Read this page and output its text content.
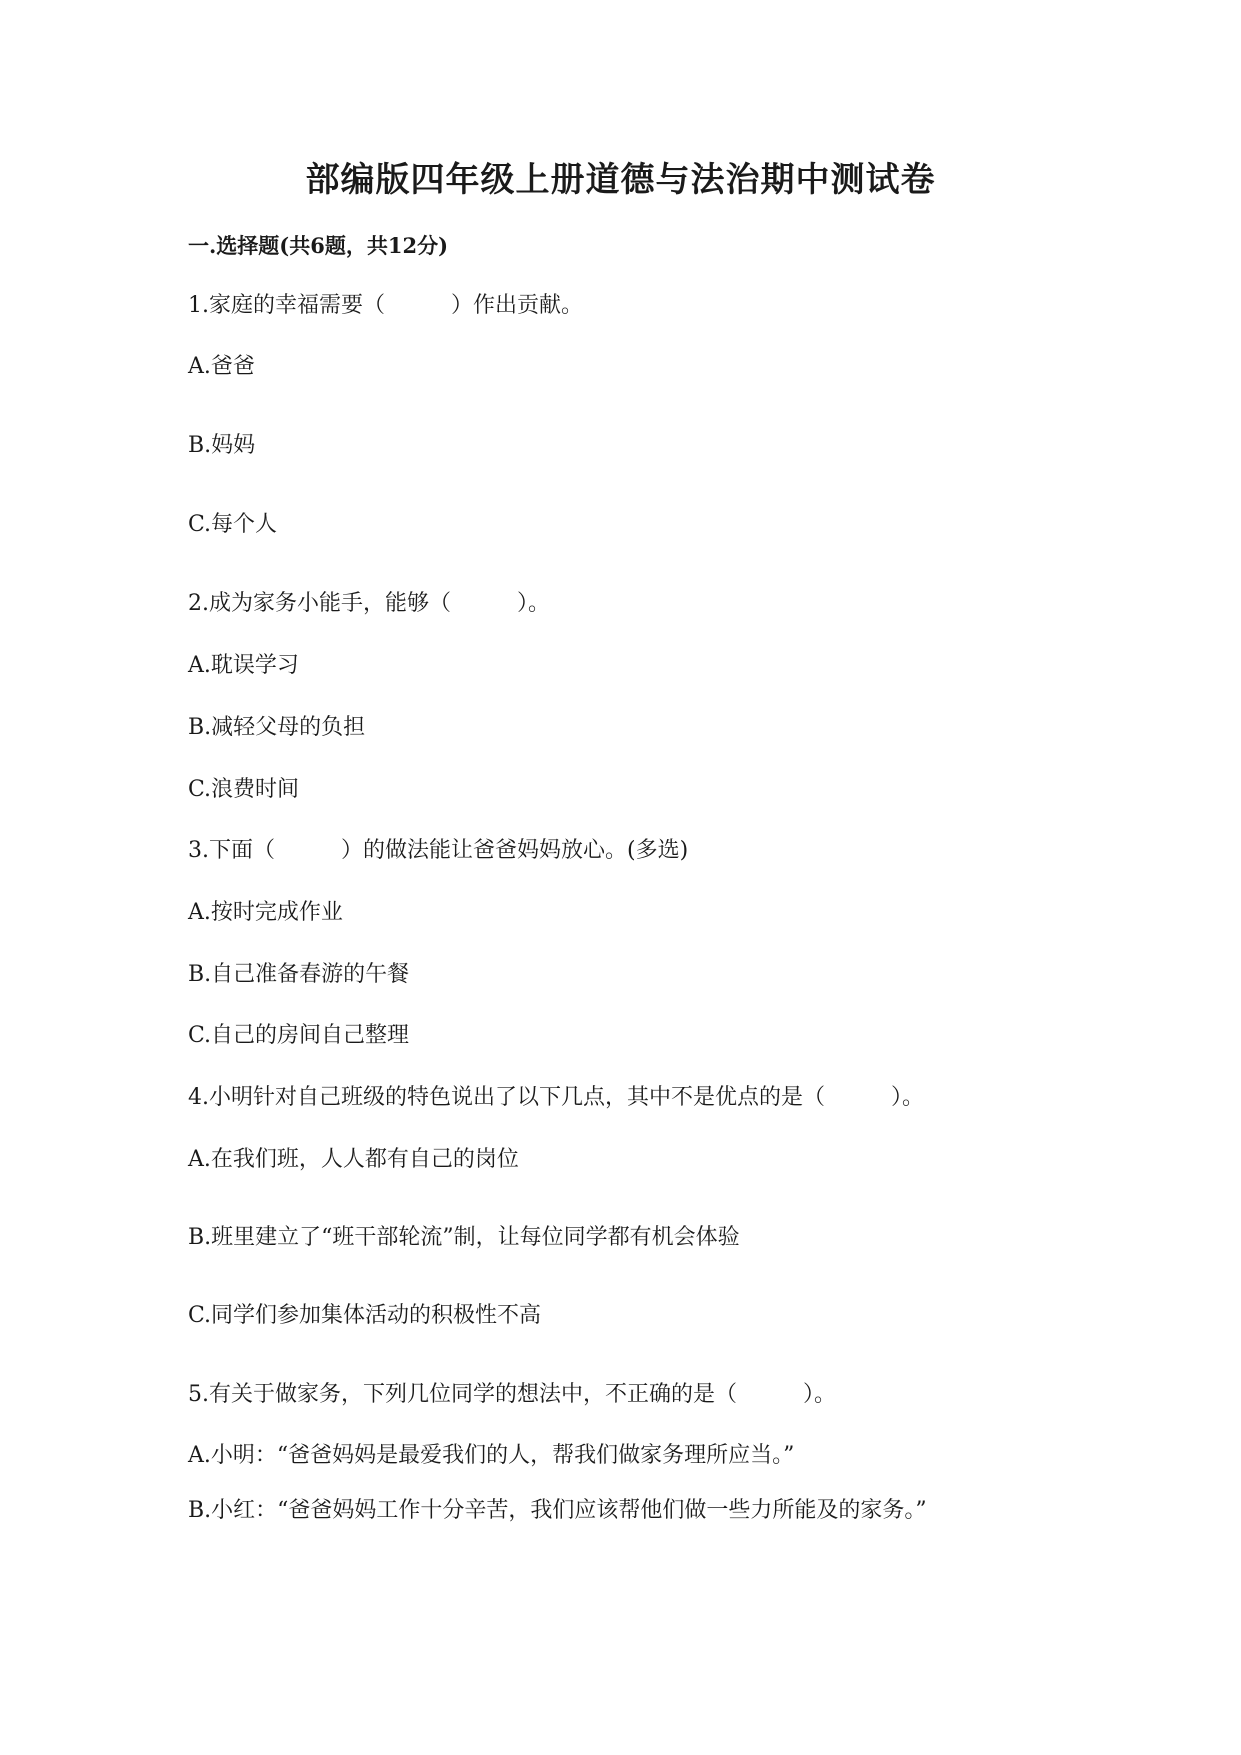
部编版四年级上册道德与法治期中测试卷
一.选择题(共6题，共12分)
1.家庭的幸福需要（　　　）作出贡献。
A.爸爸
B.妈妈
C.每个人
2.成为家务小能手，能够（　　　）。
A.耽误学习
B.减轻父母的负担
C.浪费时间
3.下面（　　　）的做法能让爸爸妈妈放心。(多选)
A.按时完成作业
B.自己准备春游的午餐
C.自己的房间自己整理
4.小明针对自己班级的特色说出了以下几点，其中不是优点的是（　　　）。
A.在我们班，人人都有自己的岗位
B.班里建立了“班干部轮流”制，让每位同学都有机会体验
C.同学们参加集体活动的积极性不高
5.有关于做家务，下列几位同学的想法中，不正确的是（　　　）。
A.小明：“爸爸妈妈是最爱我们的人，帮我们做家务理所应当。”
B.小红：“爸爸妈妈工作十分辛苦，我们应该帮他们做一些力所能及的家务。”
